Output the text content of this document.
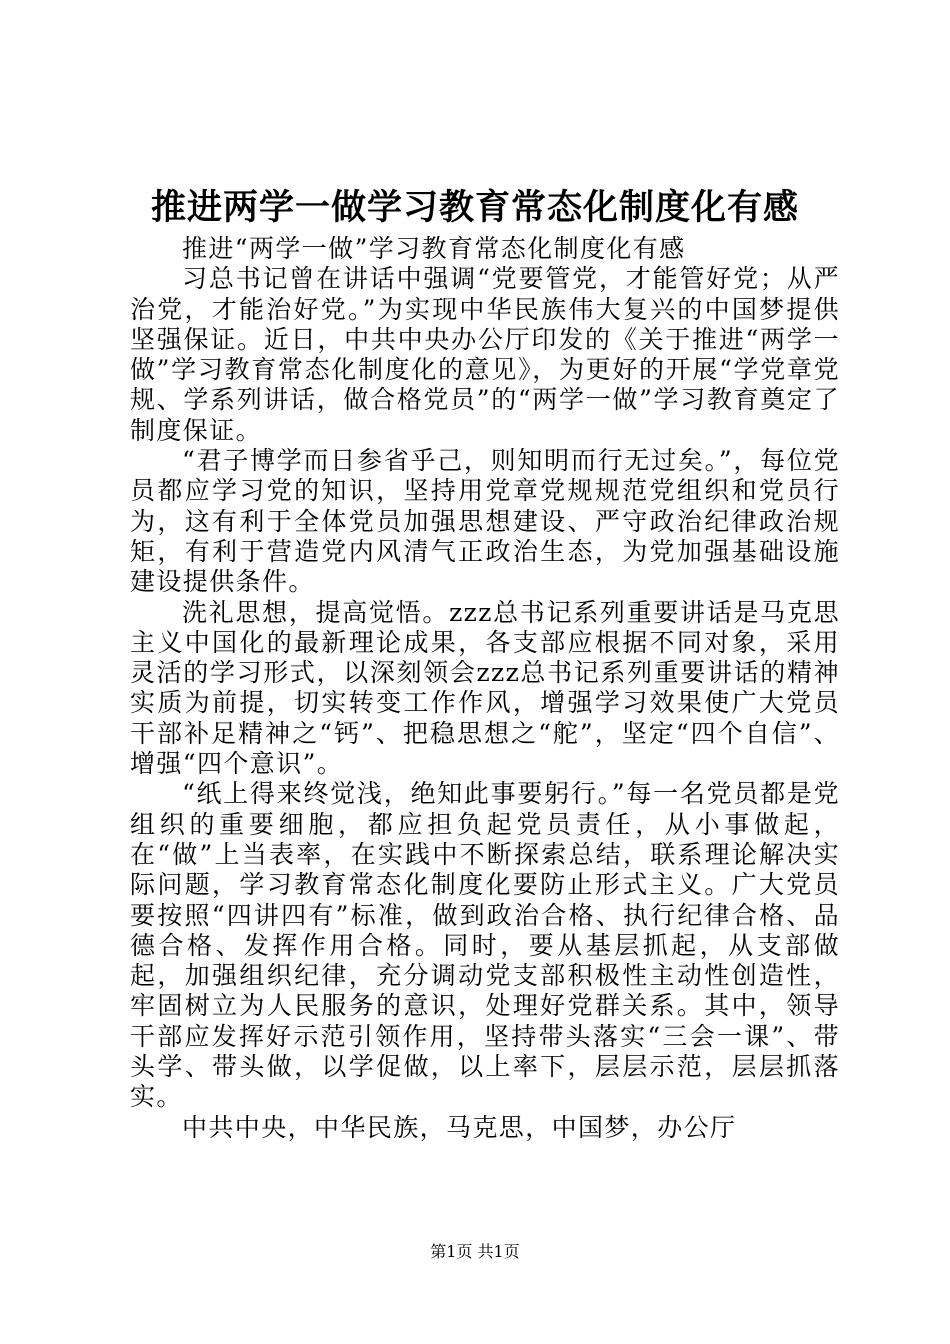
推进两学一做学习教育常态化制度化有感

推进“两学一做”学习教育常态化制度化有感

习总书记曾在讲话中强调“党要管党，才能管好党；从严治党，才能治好党。”为实现中华民族伟大复兴的中国梦提供坚强保证。近日，中共中央办公厅印发的《关于推进“两学一做”学习教育常态化制度化的意见》，为更好的开展“学党章党规、学系列讲话，做合格党员”的“两学一做”学习教育奠定了制度保证。

“君子博学而日参省乎己，则知明而行无过矣。”，每位党员都应学习党的知识，坚持用党章党规规范党组织和党员行为，这有利于全体党员加强思想建设、严守政治纪律政治规矩，有利于营造党内风清气正政治生态，为党加强基础设施建设提供条件。

洗礼思想，提高觉悟。zzz总书记系列重要讲话是马克思主义中国化的最新理论成果，各支部应根据不同对象，采用灵活的学习形式，以深刻领会zzz总书记系列重要讲话的精神实质为前提，切实转变工作作风，增强学习效果使广大党员干部补足精神之“钙”、把稳思想之“舵”，坚定“四个自信”、增强“四个意识”。

“纸上得来终觉浅，绝知此事要躬行。”每一名党员都是党组织的重要细胞，都应担负起党员责任，从小事做起，在“做”上当表率，在实践中不断探索总结，联系理论解决实际问题，学习教育常态化制度化要防止形式主义。广大党员要按照“四讲四有”标准，做到政治合格、执行纪律合格、品德合格、发挥作用合格。同时，要从基层抓起，从支部做起，加强组织纪律，充分调动党支部积极性主动性创造性，牢固树立为人民服务的意识，处理好党群关系。其中，领导干部应发挥好示范引领作用，坚持带头落实“三会一课”、带头学、带头做，以学促做，以上率下，层层示范，层层抓落实。

中共中央，中华民族，马克思，中国梦，办公厅

第1页 共1页
